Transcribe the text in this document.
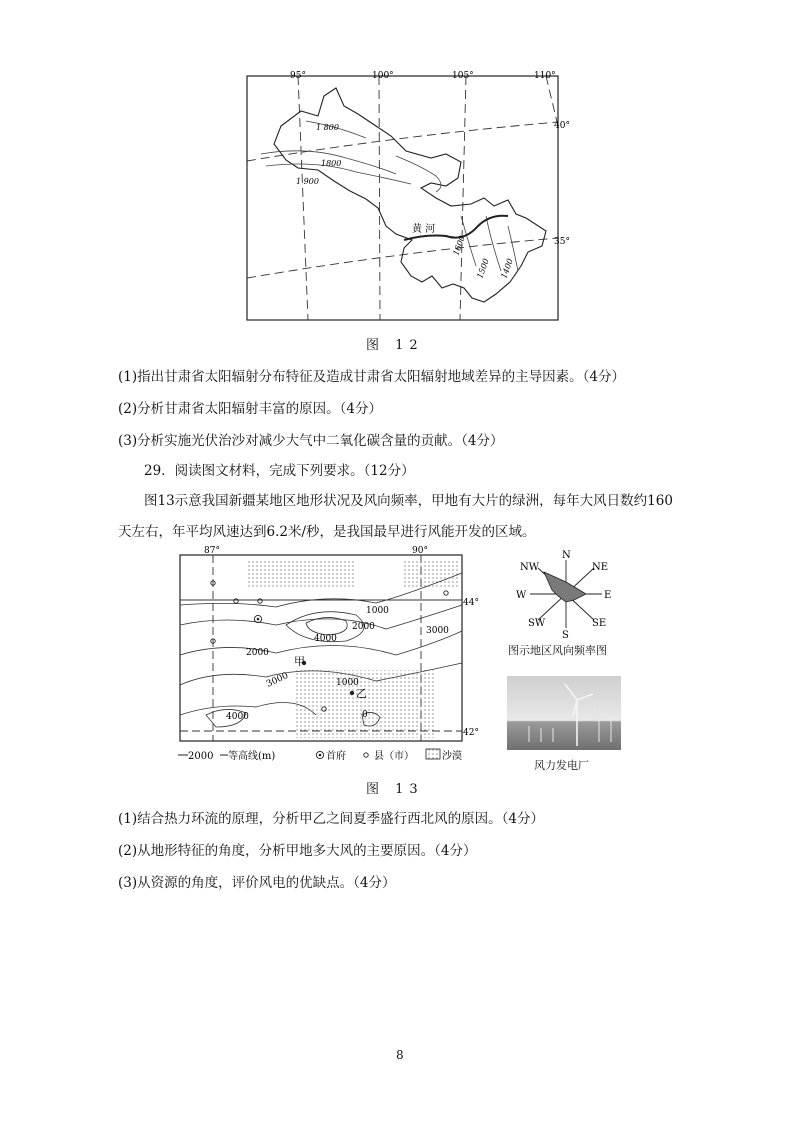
95°	100°	105°	110°
40°
35°
1 800
1800
1 900
1600
1500 1400
黄 河
图 12
(1)指出甘肃省太阳辐射分布特征及造成甘肃省太阳辐射地域差异的主导因素。（4分）
(2)分析甘肃省太阳辐射丰富的原因。（4分）
(3)分析实施光伏治沙对减少大气中二氧化碳含量的贡献。（4分）
29．阅读图文材料，完成下列要求。（12分）
图13示意我国新疆某地区地形状况及风向频率，甲地有大片的绿洲，每年大风日数约160
天左右，年平均风速达到6.2米/秒，是我国最早进行风能开发的区域。
87°	90°
44°
42°
1000
2000	3000
4000
2000
3000	1000
4000	0
甲
乙
2000 等高线(m)	首府	县（市）	沙漠
N
NE
E
SE
S
SW
W
NW
图示地区风向频率图
风力发电厂
图 13
(1)结合热力环流的原理，分析甲乙之间夏季盛行西北风的原因。（4分）
(2)从地形特征的角度，分析甲地多大风的主要原因。（4分）
(3)从资源的角度，评价风电的优缺点。（4分）
8
